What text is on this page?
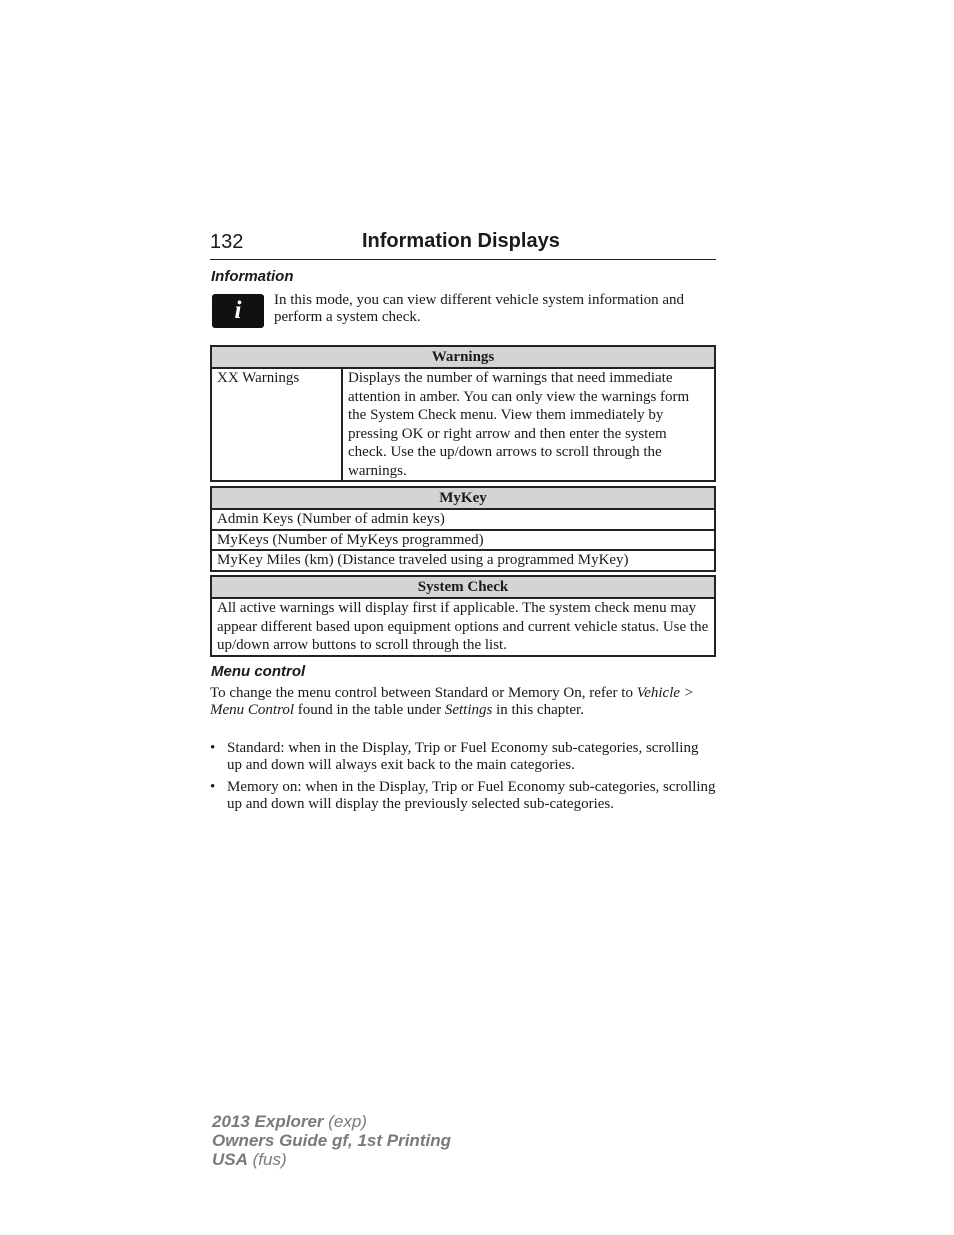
132	Information Displays
Information
i	In this mode, you can view different vehicle system information and perform a system check.
Warnings
XX Warnings	Displays the number of warnings that need immediate attention in amber. You can only view the warnings form the System Check menu. View them immediately by pressing OK or right arrow and then enter the system check. Use the up/down arrows to scroll through the warnings.
MyKey
Admin Keys (Number of admin keys)
MyKeys (Number of MyKeys programmed)
MyKey Miles (km) (Distance traveled using a programmed MyKey)
System Check
All active warnings will display first if applicable. The system check menu may appear different based upon equipment options and current vehicle status. Use the up/down arrow buttons to scroll through the list.
Menu control
To change the menu control between Standard or Memory On, refer to Vehicle > Menu Control found in the table under Settings in this chapter.
• Standard: when in the Display, Trip or Fuel Economy sub-categories, scrolling up and down will always exit back to the main categories.
• Memory on: when in the Display, Trip or Fuel Economy sub-categories, scrolling up and down will display the previously selected sub-categories.
2013 Explorer (exp)
Owners Guide gf, 1st Printing
USA (fus)
